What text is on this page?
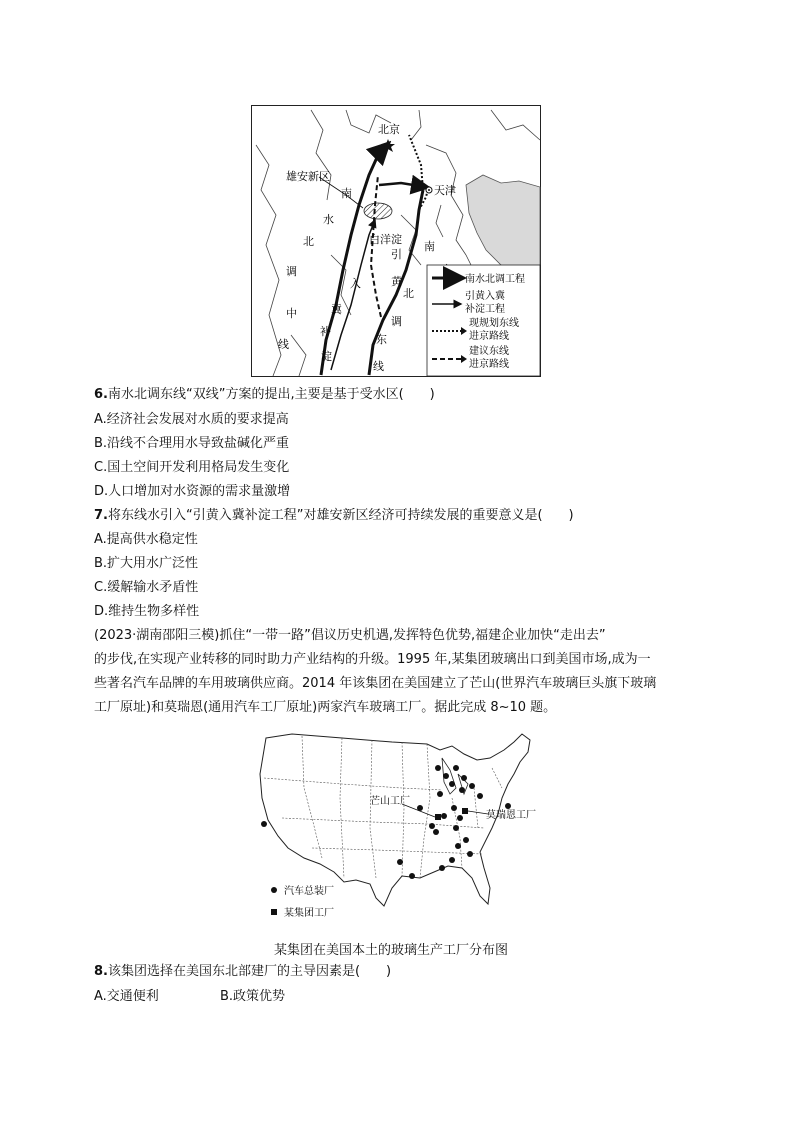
北京
天津
雄安新区
白洋淀
南
水
北
调
中
线
引
黄
入
冀
补
淀
南
北
调
东
线
南水北调工程
引黄入冀
补淀工程
现规划东线
进京路线
建议东线
进京路线
6.南水北调东线“双线”方案的提出,主要是基于受水区(　　)
A.经济社会发展对水质的要求提高
B.沿线不合理用水导致盐碱化严重
C.国土空间开发利用格局发生变化
D.人口增加对水资源的需求量激增
7.将东线水引入“引黄入冀补淀工程”对雄安新区经济可持续发展的重要意义是(　　)
A.提高供水稳定性
B.扩大用水广泛性
C.缓解输水矛盾性
D.维持生物多样性
(2023·湖南邵阳三模)抓住“一带一路”倡议历史机遇,发挥特色优势,福建企业加快“走出去”
的步伐,在实现产业转移的同时助力产业结构的升级。1995 年,某集团玻璃出口到美国市场,成为一
些著名汽车品牌的车用玻璃供应商。2014 年该集团在美国建立了芒山(世界汽车玻璃巨头旗下玻璃
工厂原址)和莫瑞恩(通用汽车工厂原址)两家汽车玻璃工厂。据此完成 8~10 题。
芒山工厂
莫瑞恩工厂
汽车总装厂
某集团工厂
某集团在美国本土的玻璃生产工厂分布图
8.该集团选择在美国东北部建厂的主导因素是(　　)
A.交通便利	B.政策优势
